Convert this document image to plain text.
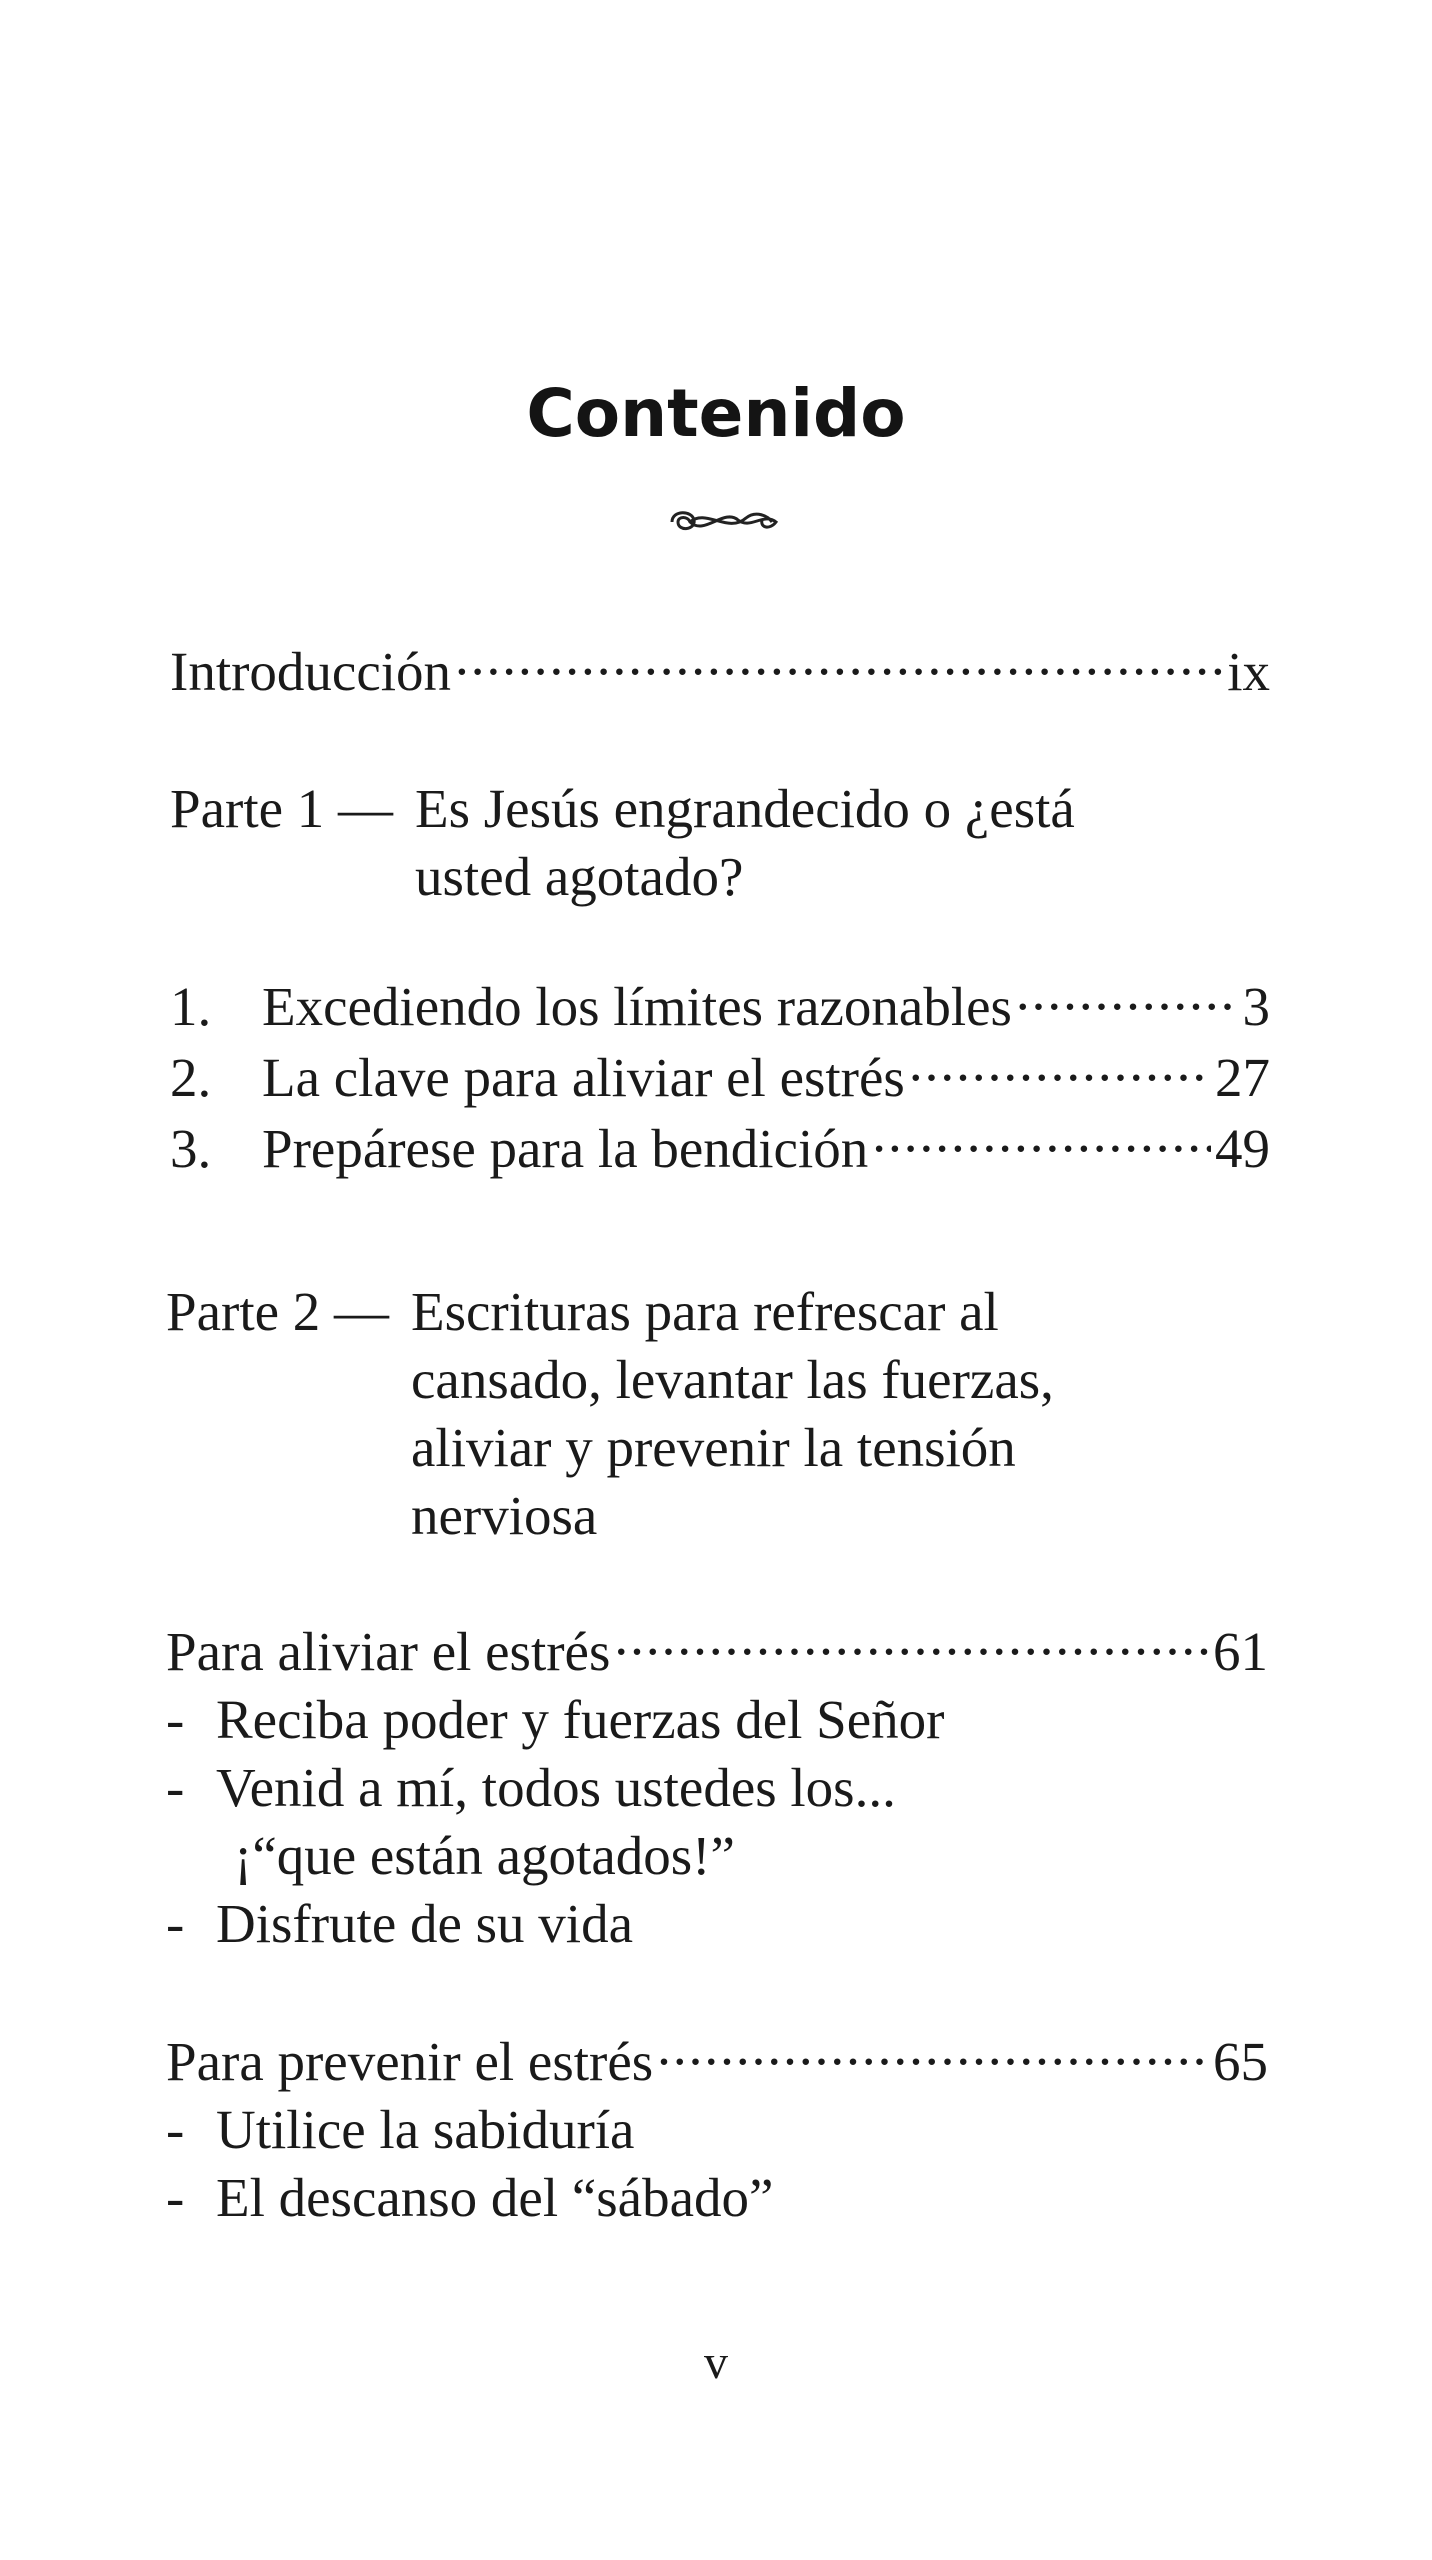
Contenido
Introducción .....	ix
Parte 1 — Es Jesús engrandecido o ¿está
usted agotado?
1. Excediendo los límites razonables .....	3
2. La clave para aliviar el estrés .....	27
3. Prepárese para la bendición .....	49
Parte 2 — Escrituras para refrescar al
cansado, levantar las fuerzas,
aliviar y prevenir la tensión
nerviosa
Para aliviar el estrés .....	61
- Reciba poder y fuerzas del Señor
- Venid a mí, todos ustedes los...
¡“que están agotados!”
- Disfrute de su vida
Para prevenir el estrés .....	65
- Utilice la sabiduría
- El descanso del “sábado”
v
